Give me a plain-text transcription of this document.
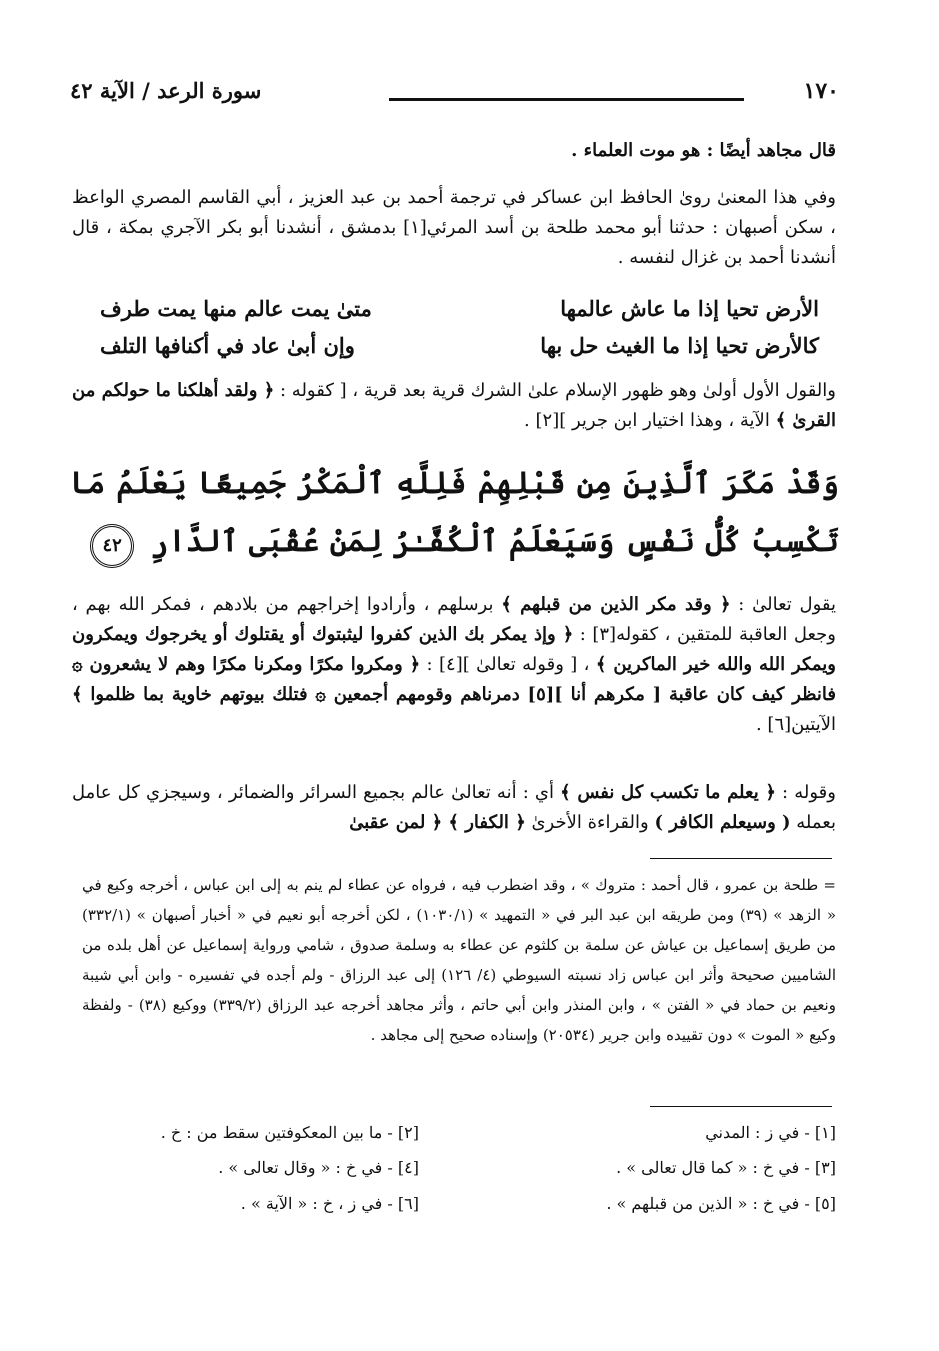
١٧٠
سورة الرعد / الآية ٤٢
قال مجاهد أيضًا : هو موت العلماء .
وفي هذا المعنىٰ روىٰ الحافظ ابن عساكر في ترجمة أحمد بن عبد العزيز ، أبي القاسم المصري الواعظ ، سكن أصبهان : حدثنا أبو محمد طلحة بن أسد المرئي[١] بدمشق ، أنشدنا أبو بكر الآجري بمكة ، قال أنشدنا أحمد بن غزال لنفسه .
الأرض تحيا إذا ما عاش عالمها
متىٰ يمت عالم منها يمت طرف
كالأرض تحيا إذا ما الغيث حل بها
وإن أبىٰ عاد في أكنافها التلف
والقول الأول أولىٰ وهو ظهور الإسلام علىٰ الشرك قرية بعد قرية ، [ كقوله : ﴿ ولقد أهلكنا ما حولكم من القرىٰ ﴾ الآية ، وهذا اختيار ابن جرير ][٢] .
وَقَدْ مَكَرَ ٱلَّذِينَ مِن قَبْلِهِمْ فَلِلَّهِ ٱلْمَكْرُ جَمِيعًا يَعْلَمُ مَا تَكْسِبُ كُلُّ نَفْسٍ وَسَيَعْلَمُ ٱلْكُفَّـٰرُ لِمَنْ عُقْبَى ٱلدَّارِ ٤٢
يقول تعالىٰ : ﴿ وقد مكر الذين من قبلهم ﴾ برسلهم ، وأرادوا إخراجهم من بلادهم ، فمكر الله بهم ، وجعل العاقبة للمتقين ، كقوله[٣] : ﴿ وإذ يمكر بك الذين كفروا ليثبتوك أو يقتلوك أو يخرجوك ويمكرون ويمكر الله والله خير الماكرين ﴾ ، [ وقوله تعالىٰ ][٤] : ﴿ ومكروا مكرًا ومكرنا مكرًا وهم لا يشعرون ۞ فانظر كيف كان عاقبة [ مكرهم أنا ][٥] دمرناهم وقومهم أجمعين ۞ فتلك بيوتهم خاوية بما ظلموا ﴾ الآيتين[٦] .
وقوله : ﴿ يعلم ما تكسب كل نفس ﴾ أي : أنه تعالىٰ عالم بجميع السرائر والضمائر ، وسيجزي كل عامل بعمله ( وسيعلم الكافر ) والقراءة الأخرىٰ ﴿ الكفار ﴾ ﴿ لمن عقبىٰ
= طلحة بن عمرو ، قال أحمد : متروك » ، وقد اضطرب فيه ، فرواه عن عطاء لم ينم به إلى ابن عباس ، أخرجه وكيع في « الزهد » (٣٩) ومن طريقه ابن عبد البر في « التمهيد » (١٠٣٠/١) ، لكن أخرجه أبو نعيم في « أخبار أصبهان » (٣٣٢/١) من طريق إسماعيل بن عياش عن سلمة بن كلثوم عن عطاء به وسلمة صدوق ، شامي ورواية إسماعيل عن أهل بلده من الشاميين صحيحة وأثر ابن عباس زاد نسبته السيوطي (٤/ ١٢٦) إلى عبد الرزاق - ولم أجده في تفسيره - وابن أبي شيبة ونعيم بن حماد في « الفتن » ، وابن المنذر وابن أبي حاتم ، وأثر مجاهد أخرجه عبد الرزاق (٣٣٩/٢) ووكيع (٣٨) - ولفظة وكيع « الموت » دون تقييده وابن جرير (٢٠٥٣٤) وإسناده صحيح إلى مجاهد .
[١] - في ز : المدني
[٢] - ما بين المعكوفتين سقط من : خ .
[٣] - في خ : « كما قال تعالى » .
[٤] - في خ : « وقال تعالى » .
[٥] - في خ : « الذين من قبلهم » .
[٦] - في ز ، خ : « الآية » .
